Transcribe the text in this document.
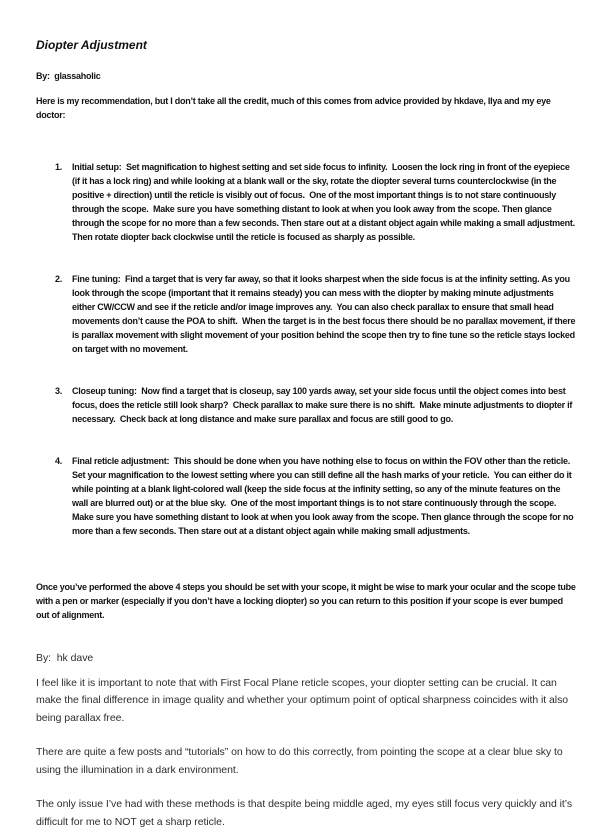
Diopter Adjustment

By:  glassaholic

Here is my recommendation, but I don’t take all the credit, much of this comes from advice provided by hkdave, Ilya and my eye doctor:

1.	Initial setup:  Set magnification to highest setting and set side focus to infinity.  Loosen the lock ring in front of the eyepiece (if it has a lock ring) and while looking at a blank wall or the sky, rotate the diopter several turns counterclockwise (in the positive + direction) until the reticle is visibly out of focus.  One of the most important things is to not stare continuously through the scope.  Make sure you have something distant to look at when you look away from the scope. Then glance through the scope for no more than a few seconds. Then stare out at a distant object again while making a small adjustment.   Then rotate diopter back clockwise until the reticle is focused as sharply as possible.

2.	Fine tuning:  Find a target that is very far away, so that it looks sharpest when the side focus is at the infinity setting. As you look through the scope (important that it remains steady) you can mess with the diopter by making minute adjustments either CW/CCW and see if the reticle and/or image improves any.  You can also check parallax to ensure that small head movements don’t cause the POA to shift.  When the target is in the best focus there should be no parallax movement, if there is parallax movement with slight movement of your position behind the scope then try to fine tune so the reticle stays locked on target with no movement.

3.	Closeup tuning:  Now find a target that is closeup, say 100 yards away, set your side focus until the object comes into best focus, does the reticle still look sharp?  Check parallax to make sure there is no shift.  Make minute adjustments to diopter if necessary.  Check back at long distance and make sure parallax and focus are still good to go.

4.	Final reticle adjustment:  This should be done when you have nothing else to focus on within the FOV other than the reticle.  Set your magnification to the lowest setting where you can still define all the hash marks of your reticle.  You can either do it while pointing at a blank light-colored wall (keep the side focus at the infinity setting, so any of the minute features on the wall are blurred out) or at the blue sky.  One of the most important things is to not stare continuously through the scope.  Make sure you have something distant to look at when you look away from the scope. Then glance through the scope for no more than a few seconds. Then stare out at a distant object again while making small adjustments.

Once you’ve performed the above 4 steps you should be set with your scope, it might be wise to mark your ocular and the scope tube with a pen or marker (especially if you don’t have a locking diopter) so you can return to this position if your scope is ever bumped out of alignment.

By:  hk dave

I feel like it is important to note that with First Focal Plane reticle scopes, your diopter setting can be crucial. It can make the final difference in image quality and whether your optimum point of optical sharpness coincides with it also being parallax free.

There are quite a few posts and “tutorials” on how to do this correctly, from pointing the scope at a clear blue sky to using the illumination in a dark environment.

The only issue I’ve had with these methods is that despite being middle aged, my eyes still focus very quickly and it’s difficult for me to NOT get a sharp reticle.
